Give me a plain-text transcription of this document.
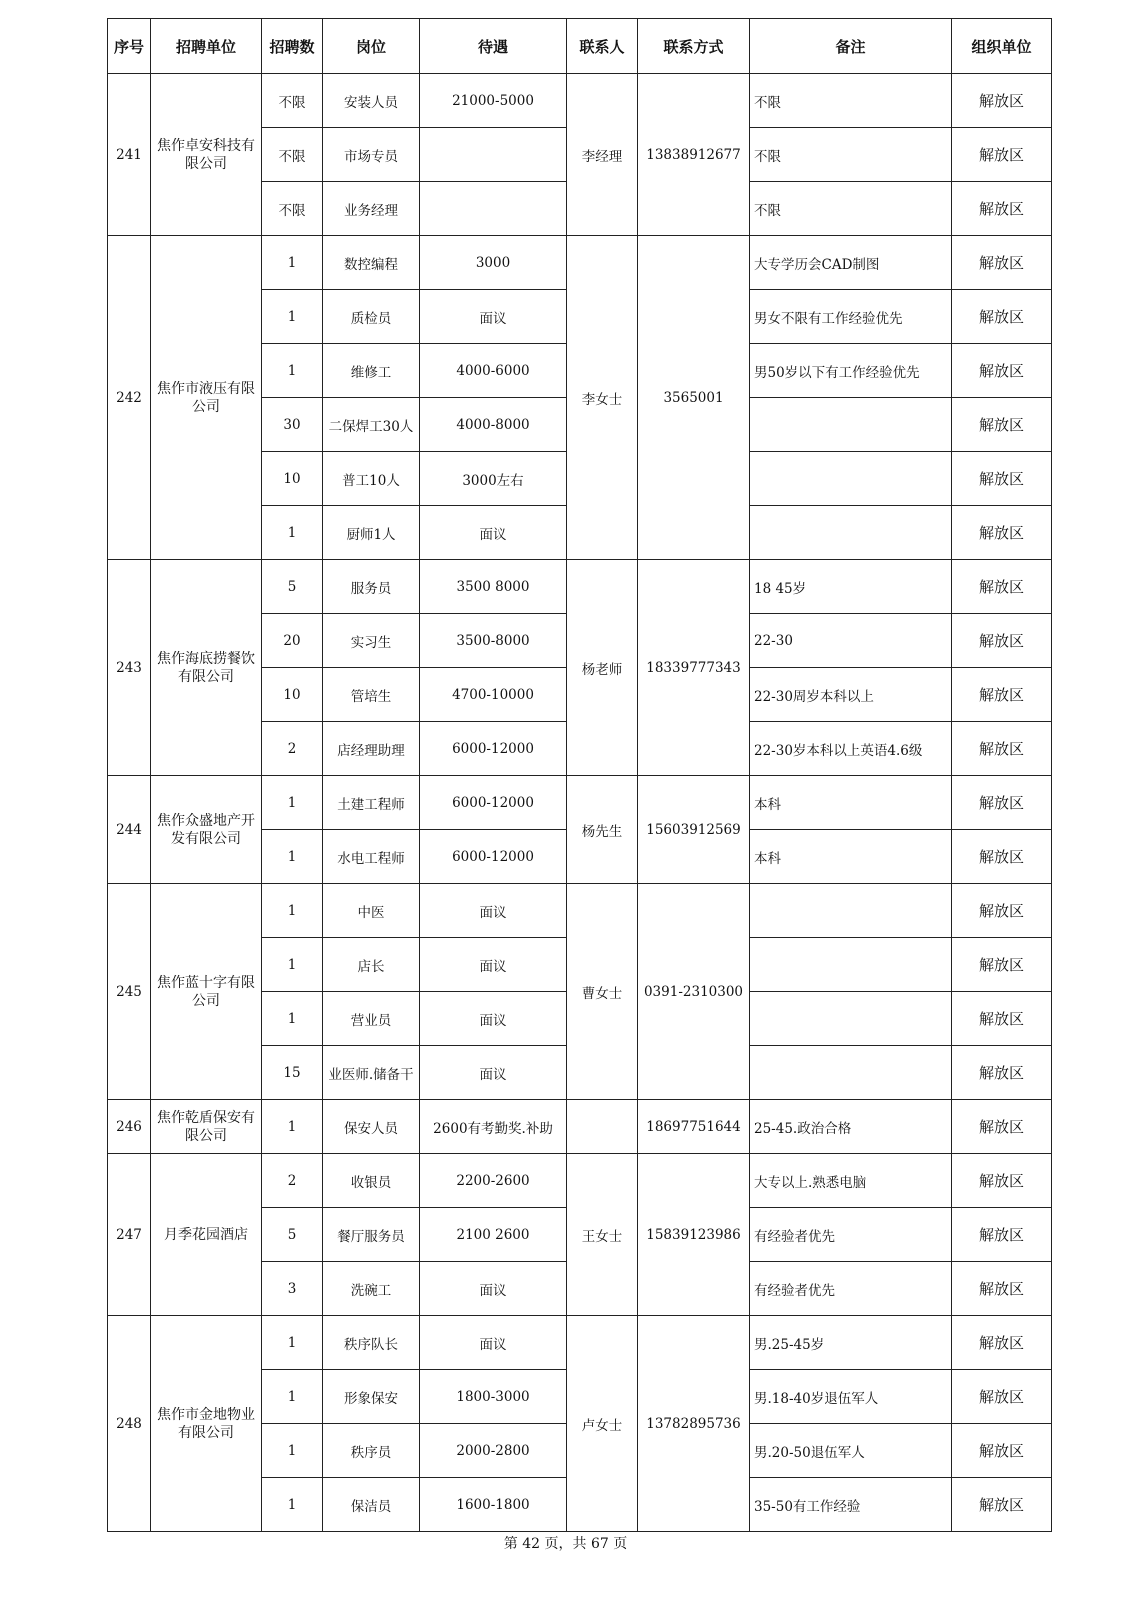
序号	招聘单位	招聘数	岗位	待遇	联系人	联系方式	备注	组织单位
241	焦作卓安科技有限公司	不限	安装人员	21000-5000	李经理	13838912677	不限	解放区
		不限	市场专员				不限	解放区
		不限	业务经理				不限	解放区
242	焦作市液压有限公司	1	数控编程	3000	李女士	3565001	大专学历会CAD制图	解放区
		1	质检员	面议			男女不限有工作经验优先	解放区
		1	维修工	4000-6000			男50岁以下有工作经验优先	解放区
		30	二保焊工30人	4000-8000				解放区
		10	普工10人	3000左右				解放区
		1	厨师1人	面议				解放区
243	焦作海底捞餐饮有限公司	5	服务员	3500 8000	杨老师	18339777343	18 45岁	解放区
		20	实习生	3500-8000			22-30	解放区
		10	管培生	4700-10000			22-30周岁本科以上	解放区
		2	店经理助理	6000-12000			22-30岁本科以上英语4.6级	解放区
244	焦作众盛地产开发有限公司	1	土建工程师	6000-12000	杨先生	15603912569	本科	解放区
		1	水电工程师	6000-12000			本科	解放区
245	焦作蓝十字有限公司	1	中医	面议	曹女士	0391-2310300		解放区
		1	店长	面议				解放区
		1	营业员	面议				解放区
		15	业医师.储备干	面议				解放区
246	焦作乾盾保安有限公司	1	保安人员	2600有考勤奖.补助		18697751644	25-45.政治合格	解放区
247	月季花园酒店	2	收银员	2200-2600	王女士	15839123986	大专以上.熟悉电脑	解放区
		5	餐厅服务员	2100 2600			有经验者优先	解放区
		3	洗碗工	面议			有经验者优先	解放区
248	焦作市金地物业有限公司	1	秩序队长	面议	卢女士	13782895736	男.25-45岁	解放区
		1	形象保安	1800-3000			男.18-40岁退伍军人	解放区
		1	秩序员	2000-2800			男.20-50退伍军人	解放区
		1	保洁员	1600-1800			35-50有工作经验	解放区
第 42 页，共 67 页
